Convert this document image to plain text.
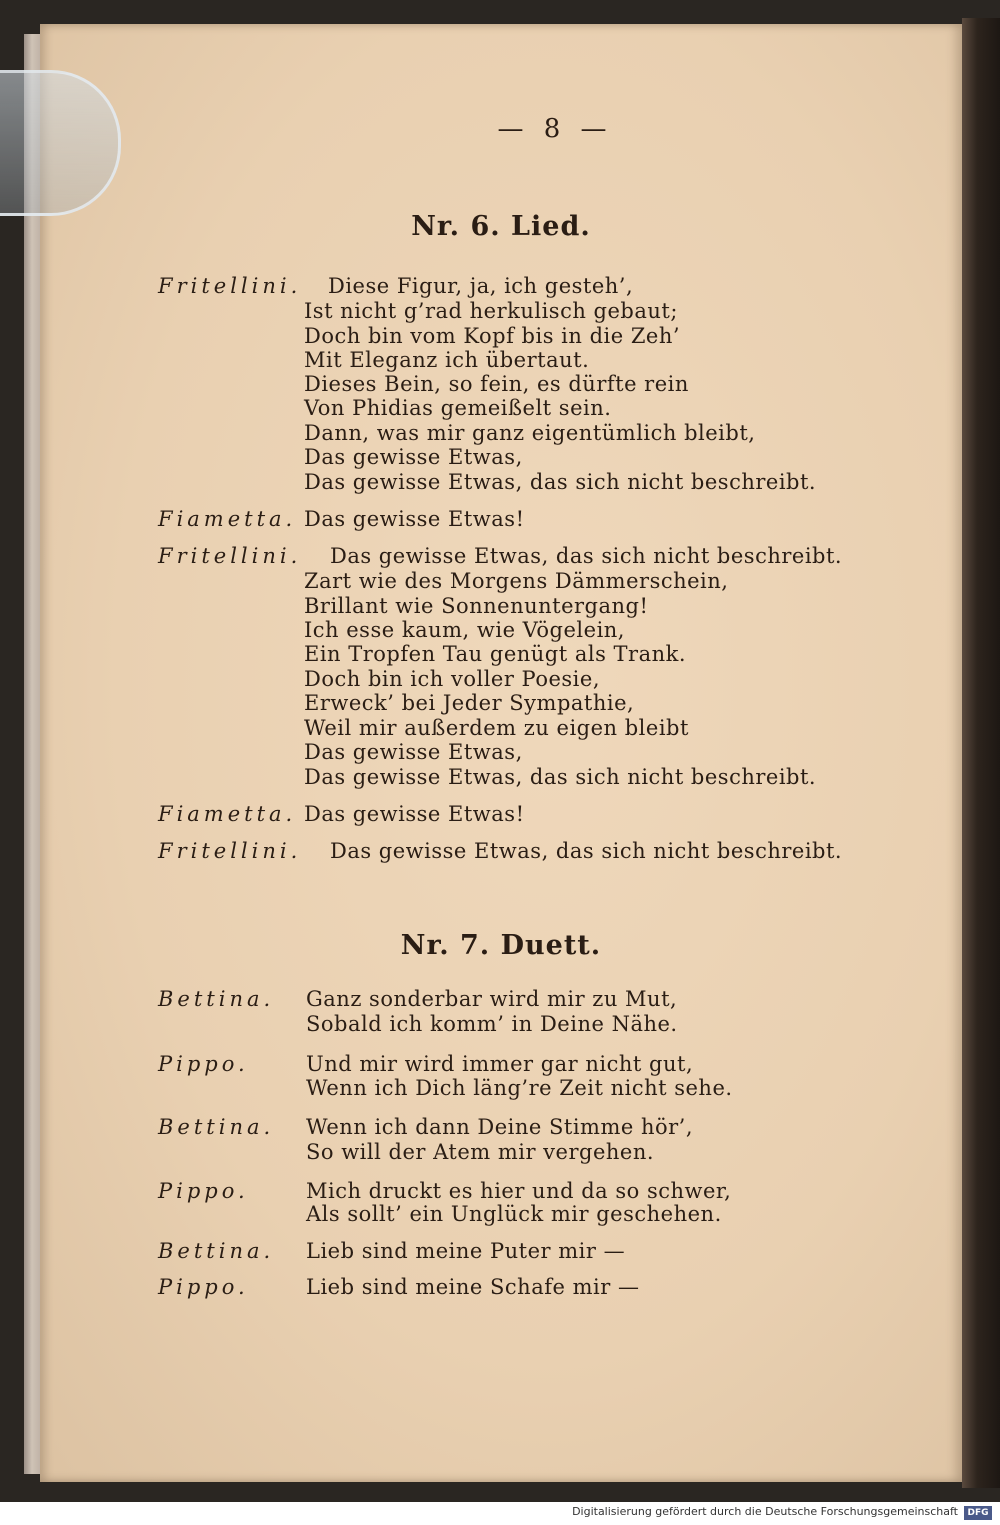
— 8 —
Nr. 6. Lied.
Fritellini.
Fiametta.
Fritellini.
Fiametta.
Fritellini.
Diese Figur, ja, ich gesteh’,
Ist nicht g’rad herkulisch gebaut;
Doch bin vom Kopf bis in die Zeh’
Mit Eleganz ich übertaut.
Dieses Bein, so fein, es dürfte rein
Von Phidias gemeißelt sein.
Dann, was mir ganz eigentümlich bleibt,
Das gewisse Etwas,
Das gewisse Etwas, das sich nicht beschreibt.
Das gewisse Etwas!
Das gewisse Etwas, das sich nicht beschreibt.
Zart wie des Morgens Dämmerschein,
Brillant wie Sonnenuntergang!
Ich esse kaum, wie Vögelein,
Ein Tropfen Tau genügt als Trank.
Doch bin ich voller Poesie,
Erweck’ bei Jeder Sympathie,
Weil mir außerdem zu eigen bleibt
Das gewisse Etwas,
Das gewisse Etwas, das sich nicht beschreibt.
Das gewisse Etwas!
Das gewisse Etwas, das sich nicht beschreibt.
Nr. 7. Duett.
Bettina.
Pippo.
Bettina.
Pippo.
Bettina.
Pippo.
Ganz sonderbar wird mir zu Mut,
Sobald ich komm’ in Deine Nähe.
Und mir wird immer gar nicht gut,
Wenn ich Dich läng’re Zeit nicht sehe.
Wenn ich dann Deine Stimme hör’,
So will der Atem mir vergehen.
Mich druckt es hier und da so schwer,
Als sollt’ ein Unglück mir geschehen.
Lieb sind meine Puter mir —
Lieb sind meine Schafe mir —
Digitalisierung gefördert durch die Deutsche Forschungsgemeinschaft	DFG
